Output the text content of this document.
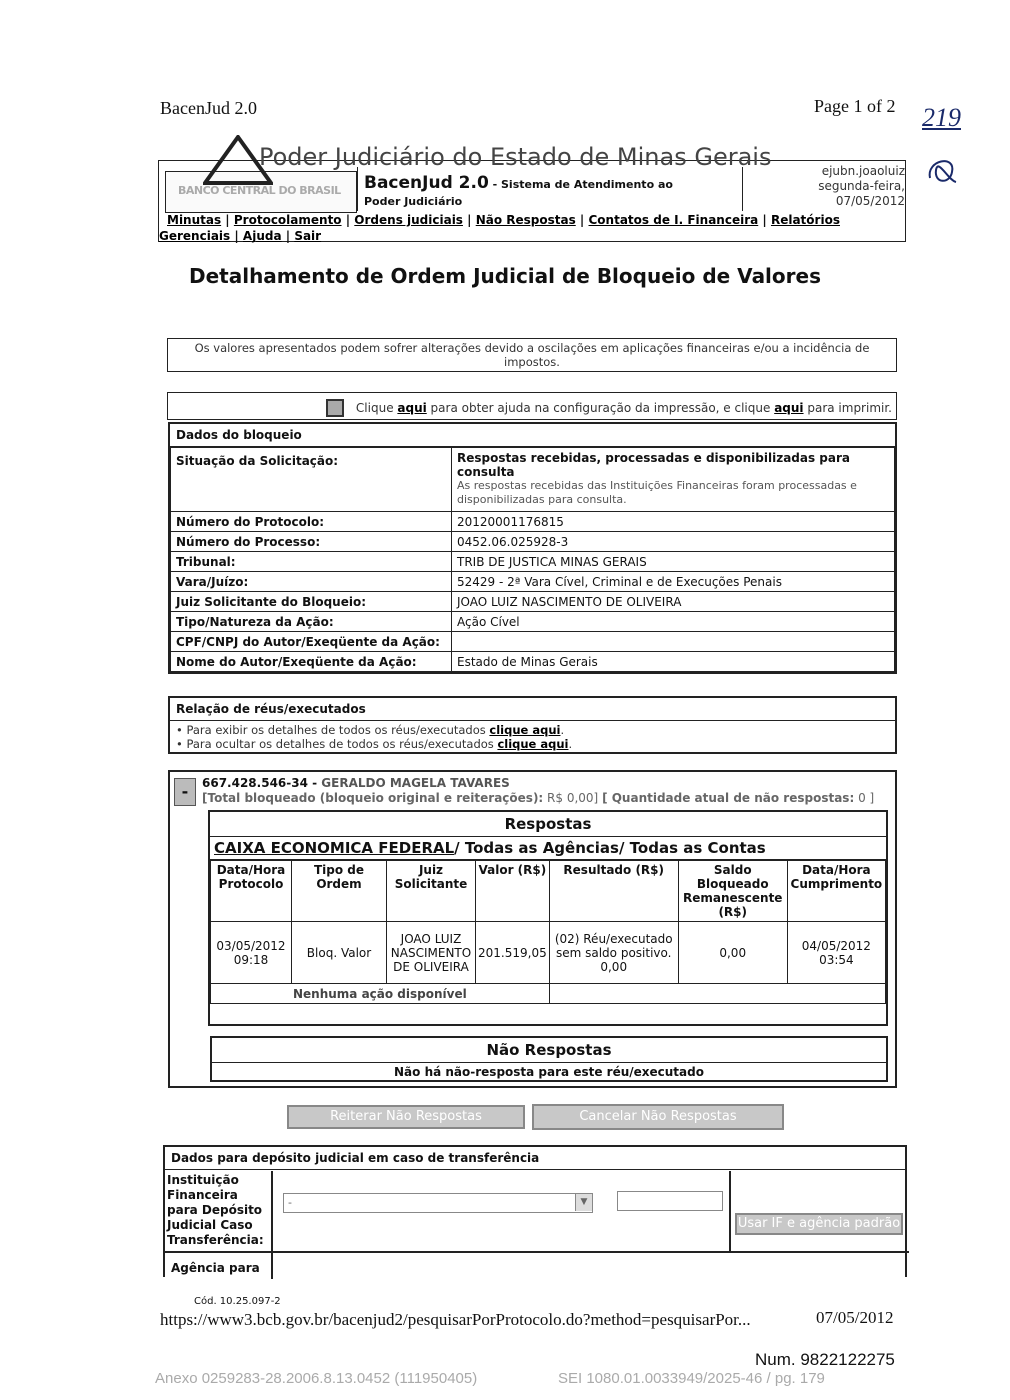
BacenJud 2.0	Page 1 of 2 219
BANCO CENTRAL DO BRASIL
Poder Judiciário do Estado de Minas Gerais
BacenJud 2.0 - Sistema de Atendimento ao
Poder Judiciário
ejubn.joaoluiz
segunda-feira,
07/05/2012
Minutas | Protocolamento | Ordens judiciais | Não Respostas | Contatos de I. Financeira | Relatórios
Gerenciais | Ajuda | Sair
Detalhamento de Ordem Judicial de Bloqueio de Valores
Os valores apresentados podem sofrer alterações devido a oscilações em aplicações financeiras e/ou a incidência de impostos.
Clique aqui para obter ajuda na configuração da impressão, e clique aqui para imprimir.
Dados do bloqueio
Situação da Solicitação:	Respostas recebidas, processadas e disponibilizadas para consulta
As respostas recebidas das Instituições Financeiras foram processadas e disponibilizadas para consulta.

Número do Protocolo:	20120001176815
Número do Processo:	0452.06.025928-3
Tribunal:	TRIB DE JUSTICA MINAS GERAIS
Vara/Juízo:	52429 - 2ª Vara Cível, Criminal e de Execuções Penais
Juiz Solicitante do Bloqueio:	JOAO LUIZ NASCIMENTO DE OLIVEIRA
Tipo/Natureza da Ação:	Ação Cível
CPF/CNPJ do Autor/Exeqüente da Ação:	
Nome do Autor/Exeqüente da Ação:	Estado de Minas Gerais
Relação de réus/executados
• Para exibir os detalhes de todos os réus/executados clique aqui.
• Para ocultar os detalhes de todos os réus/executados clique aqui.
-	667.428.546-34 - GERALDO MAGELA TAVARES
[Total bloqueado (bloqueio original e reiterações): R$ 0,00] [ Quantidade atual de não respostas: 0 ]
Respostas
CAIXA ECONOMICA FEDERAL/ Todas as Agências/ Todas as Contas
Data/Hora Protocolo	Tipo de Ordem	Juiz Solicitante	Valor (R$)	Resultado (R$)	Saldo Bloqueado Remanescente (R$)	Data/Hora Cumprimento
03/05/2012 09:18	Bloq. Valor	JOAO LUIZ NASCIMENTO DE OLIVEIRA	201.519,05	(02) Réu/executado sem saldo positivo. 0,00	0,00	04/05/2012 03:54
Nenhuma ação disponível						
Não Respostas
Não há não-resposta para este réu/executado
Reiterar Não Respostas	Cancelar Não Respostas
Dados para depósito judicial em caso de transferência
Instituição Financeira para Depósito Judicial Caso Transferência:
-	▼
Usar IF e agência padrão
Agência para
Cód. 10.25.097-2
https://www3.bcb.gov.br/bacenjud2/pesquisarPorProtocolo.do?method=pesquisarPor...	07/05/2012
Num. 9822122275
Anexo 0259283-28.2006.8.13.0452 (111950405)	SEI 1080.01.0033949/2025-46 / pg. 179
